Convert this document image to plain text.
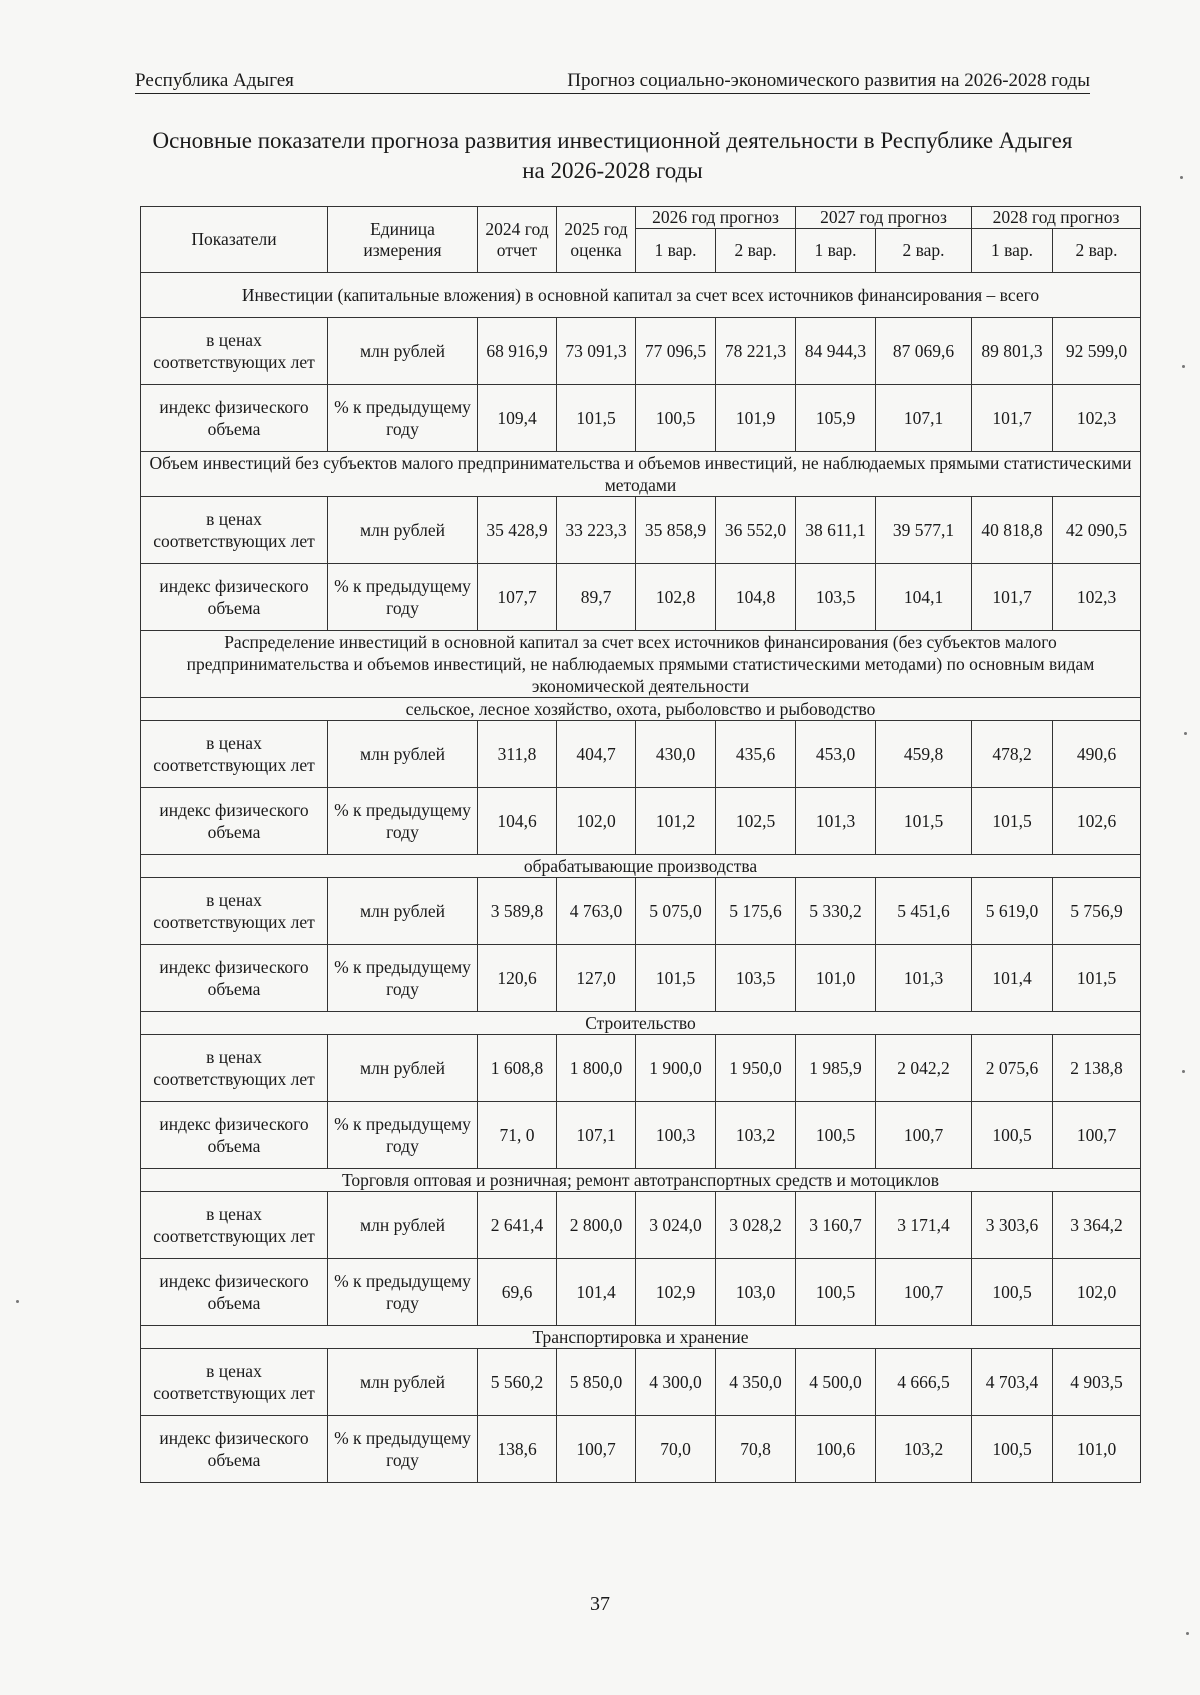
Республика Адыгея	Прогноз социально-экономического развития на 2026-2028 годы
Основные показатели прогноза развития инвестиционной деятельности в Республике Адыгея
на 2026-2028 годы
Показатели	Единица измерения	2024 год отчет	2025 год оценка	2026 год прогноз		2027 год прогноз		2028 год прогноз	
				1 вар.	2 вар.	1 вар.	2 вар.	1 вар.	2 вар.
Инвестиции (капитальные вложения) в основной капитал за счет всех источников финансирования – всего									
в ценах соответствующих лет	млн рублей	68 916,9	73 091,3	77 096,5	78 221,3	84 944,3	87 069,6	89 801,3	92 599,0
индекс физического объема	% к предыдущему году	109,4	101,5	100,5	101,9	105,9	107,1	101,7	102,3
Объем инвестиций без субъектов малого предпринимательства и объемов инвестиций, не наблюдаемых прямыми статистическими методами									
в ценах соответствующих лет	млн рублей	35 428,9	33 223,3	35 858,9	36 552,0	38 611,1	39 577,1	40 818,8	42 090,5
индекс физического объема	% к предыдущему году	107,7	89,7	102,8	104,8	103,5	104,1	101,7	102,3
Распределение инвестиций в основной капитал за счет всех источников финансирования (без субъектов малого предпринимательства и объемов инвестиций, не наблюдаемых прямыми статистическими методами) по основным видам экономической деятельности									
сельское, лесное хозяйство, охота, рыболовство и рыбоводство									
в ценах соответствующих лет	млн рублей	311,8	404,7	430,0	435,6	453,0	459,8	478,2	490,6
индекс физического объема	% к предыдущему году	104,6	102,0	101,2	102,5	101,3	101,5	101,5	102,6
обрабатывающие производства									
в ценах соответствующих лет	млн рублей	3 589,8	4 763,0	5 075,0	5 175,6	5 330,2	5 451,6	5 619,0	5 756,9
индекс физического объема	% к предыдущему году	120,6	127,0	101,5	103,5	101,0	101,3	101,4	101,5
Строительство									
в ценах соответствующих лет	млн рублей	1 608,8	1 800,0	1 900,0	1 950,0	1 985,9	2 042,2	2 075,6	2 138,8
индекс физического объема	% к предыдущему году	71, 0	107,1	100,3	103,2	100,5	100,7	100,5	100,7
Торговля оптовая и розничная; ремонт автотранспортных средств и мотоциклов									
в ценах соответствующих лет	млн рублей	2 641,4	2 800,0	3 024,0	3 028,2	3 160,7	3 171,4	3 303,6	3 364,2
индекс физического объема	% к предыдущему году	69,6	101,4	102,9	103,0	100,5	100,7	100,5	102,0
Транспортировка и хранение									
в ценах соответствующих лет	млн рублей	5 560,2	5 850,0	4 300,0	4 350,0	4 500,0	4 666,5	4 703,4	4 903,5
индекс физического объема	% к предыдущему году	138,6	100,7	70,0	70,8	100,6	103,2	100,5	101,0
37
